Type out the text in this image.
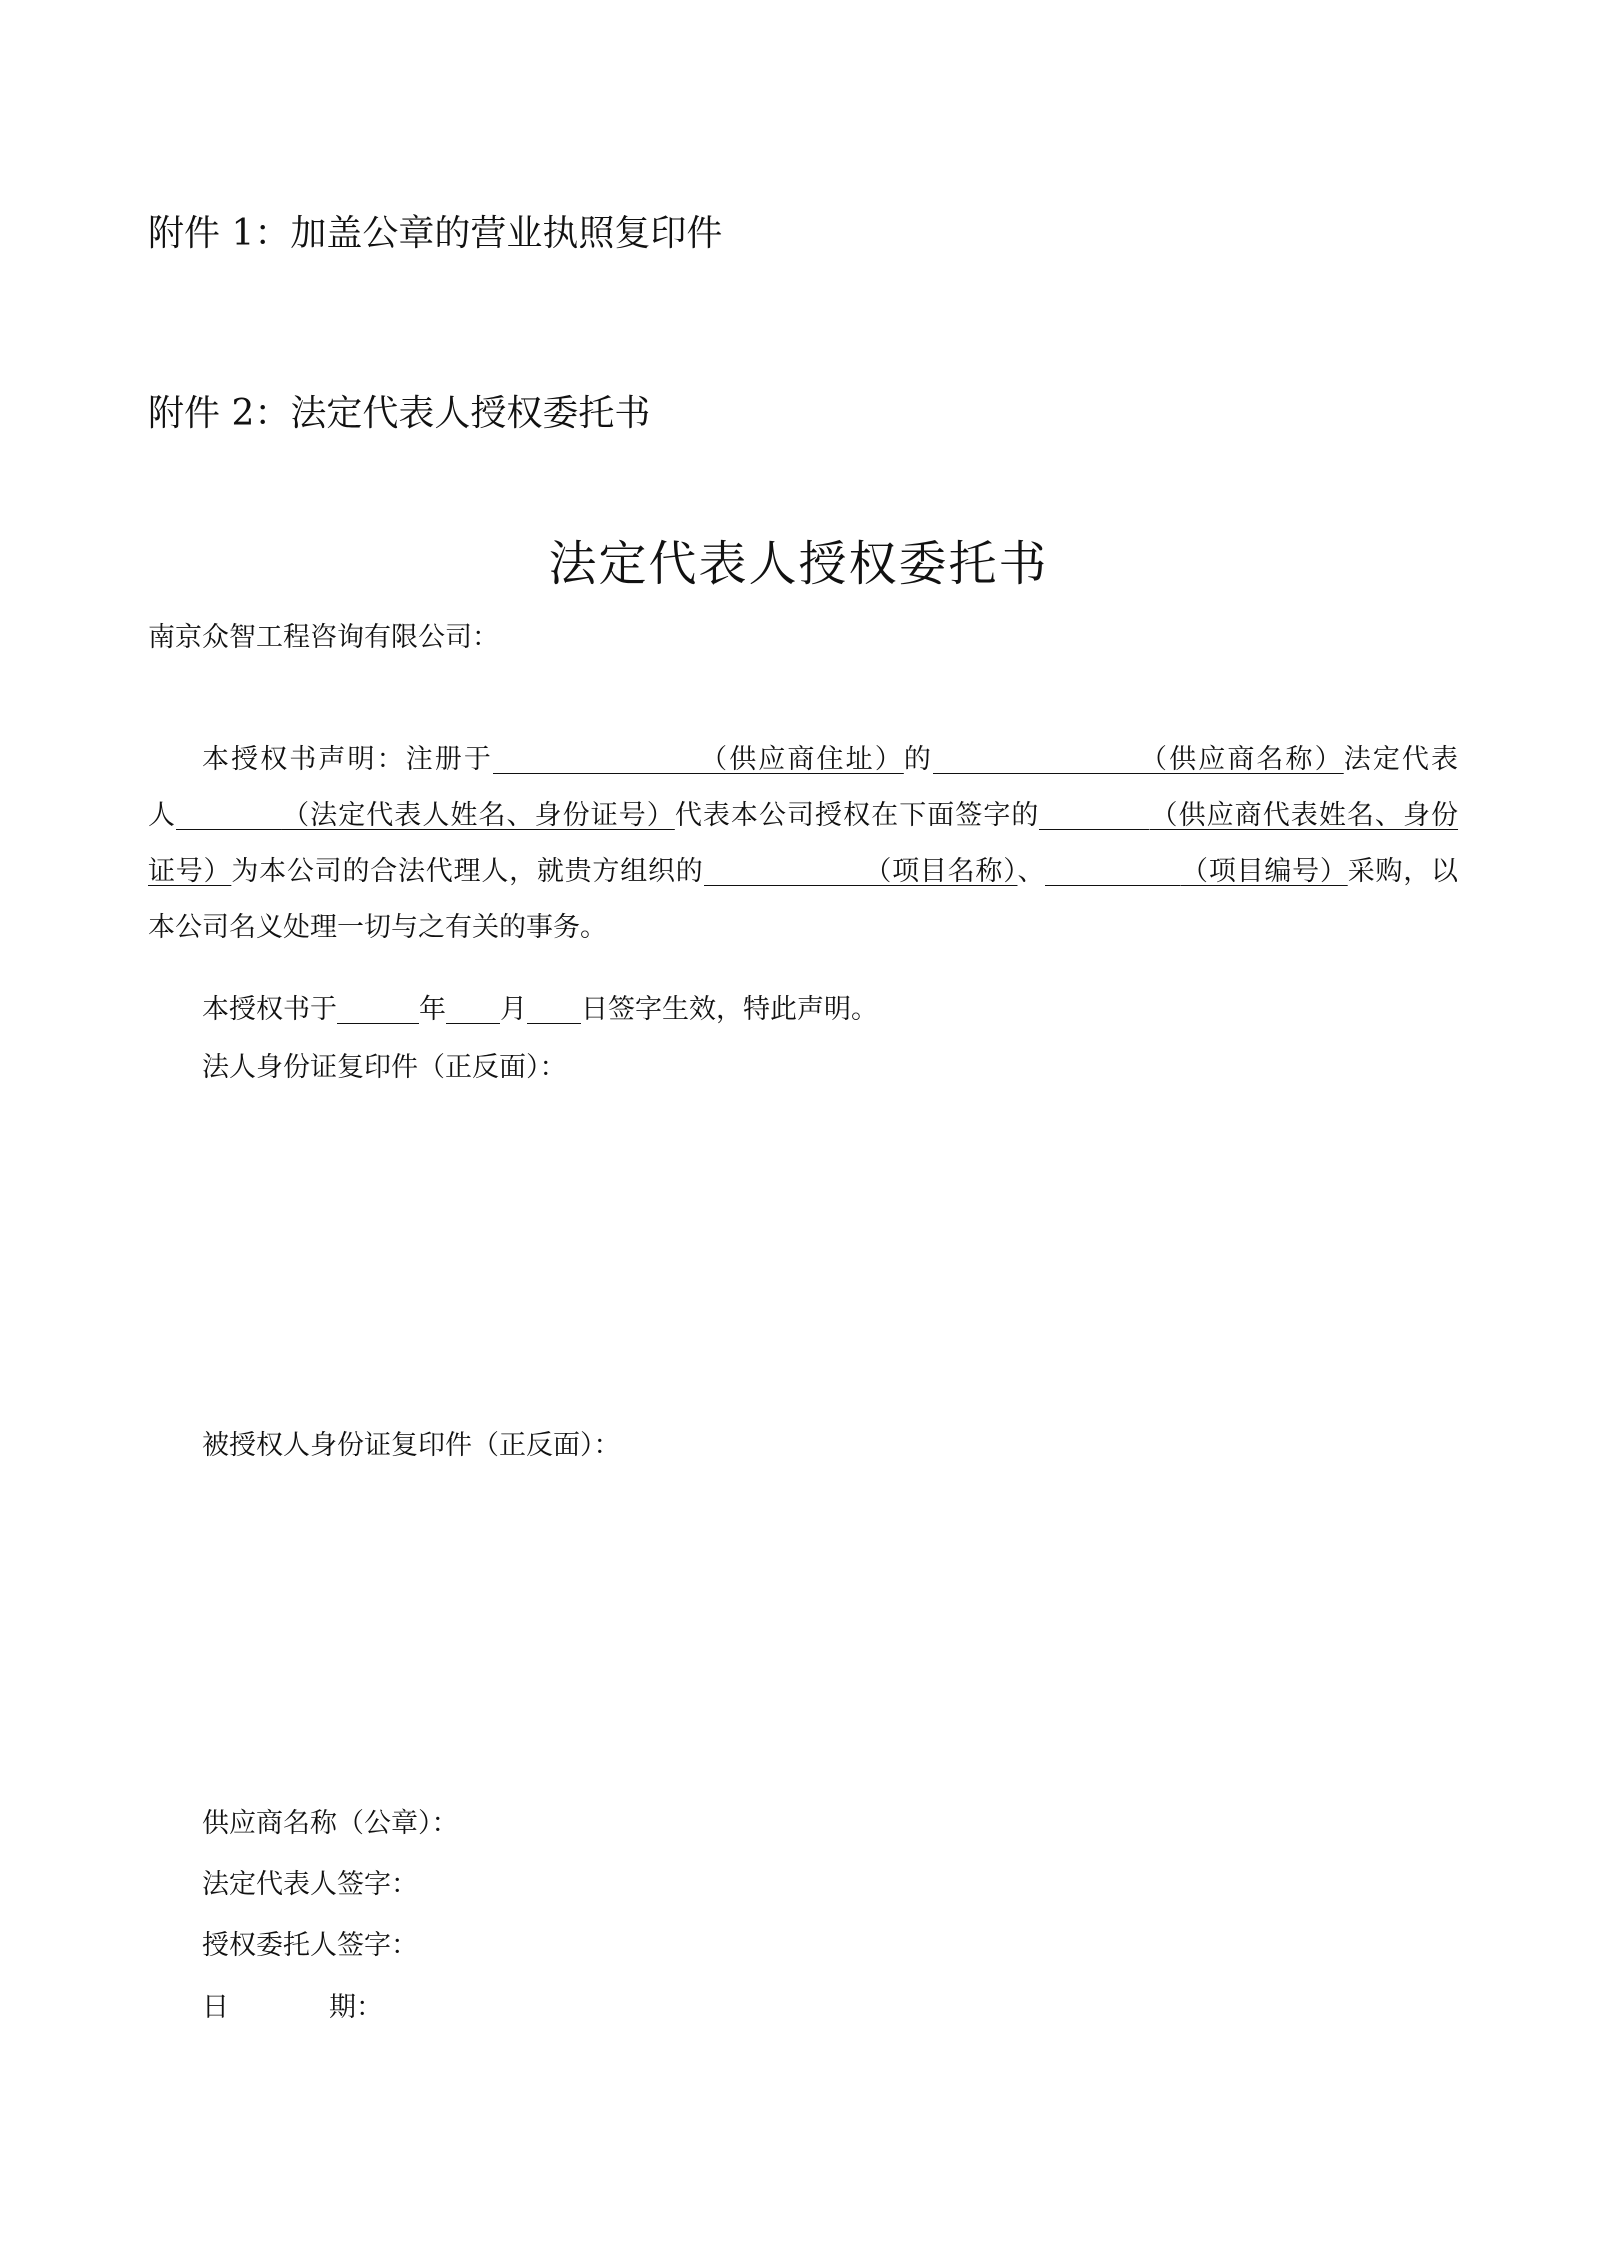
附件 1：加盖公章的营业执照复印件
附件 2：法定代表人授权委托书
法定代表人授权委托书
南京众智工程咨询有限公司：
本授权书声明：注册于	（供应商住址）的	（供应商名称）法定代表
人	（法定代表人姓名、身份证号）代表本公司授权在下面签字的	（供应商代表姓名、身份
证号）为本公司的合法代理人，就贵方组织的	（项目名称）、	（项目编号）采购，以
本公司名义处理一切与之有关的事务。
本授权书于	年 月 日签字生效，特此声明。
法人身份证复印件（正反面）：
被授权人身份证复印件（正反面）：
供应商名称（公章）：
法定代表人签字：
授权委托人签字：
日	期：
